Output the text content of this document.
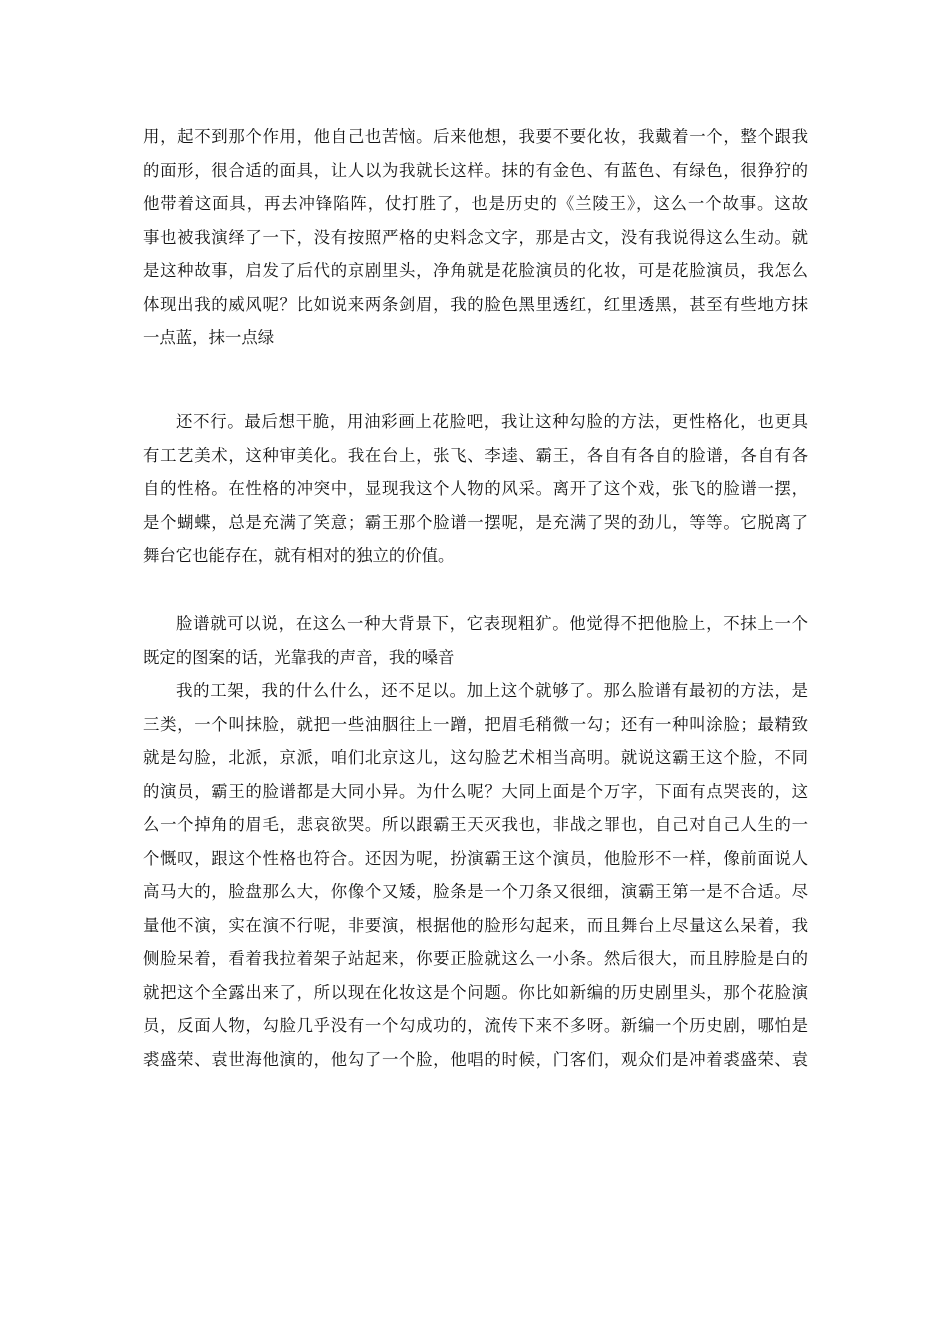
用，起不到那个作用，他自己也苦恼。后来他想，我要不要化妆，我戴着一个，整个跟我
的面形，很合适的面具，让人以为我就长这样。抹的有金色、有蓝色、有绿色，很狰狞的
他带着这面具，再去冲锋陷阵，仗打胜了，也是历史的《兰陵王》，这么一个故事。这故
事也被我演绎了一下，没有按照严格的史料念文字，那是古文，没有我说得这么生动。就
是这种故事，启发了后代的京剧里头，净角就是花脸演员的化妆，可是花脸演员，我怎么
体现出我的威风呢？比如说来两条剑眉，我的脸色黑里透红，红里透黑，甚至有些地方抹
一点蓝，抹一点绿
还不行。最后想干脆，用油彩画上花脸吧，我让这种勾脸的方法，更性格化，也更具
有工艺美术，这种审美化。我在台上，张飞、李逵、霸王，各自有各自的脸谱，各自有各
自的性格。在性格的冲突中，显现我这个人物的风采。离开了这个戏，张飞的脸谱一摆，
是个蝴蝶，总是充满了笑意；霸王那个脸谱一摆呢，是充满了哭的劲儿，等等。它脱离了
舞台它也能存在，就有相对的独立的价值。
脸谱就可以说，在这么一种大背景下，它表现粗犷。他觉得不把他脸上，不抹上一个
既定的图案的话，光靠我的声音，我的嗓音
我的工架，我的什么什么，还不足以。加上这个就够了。那么脸谱有最初的方法，是
三类，一个叫抹脸，就把一些油胭往上一蹭，把眉毛稍微一勾；还有一种叫涂脸；最精致
就是勾脸，北派，京派，咱们北京这儿，这勾脸艺术相当高明。就说这霸王这个脸，不同
的演员，霸王的脸谱都是大同小异。为什么呢？大同上面是个万字，下面有点哭丧的，这
么一个掉角的眉毛，悲哀欲哭。所以跟霸王天灭我也，非战之罪也，自己对自己人生的一
个慨叹，跟这个性格也符合。还因为呢，扮演霸王这个演员，他脸形不一样，像前面说人
高马大的，脸盘那么大，你像个又矮，脸条是一个刀条又很细，演霸王第一是不合适。尽
量他不演，实在演不行呢，非要演，根据他的脸形勾起来，而且舞台上尽量这么呆着，我
侧脸呆着，看着我拉着架子站起来，你要正脸就这么一小条。然后很大，而且脖脸是白的
就把这个全露出来了，所以现在化妆这是个问题。你比如新编的历史剧里头，那个花脸演
员，反面人物，勾脸几乎没有一个勾成功的，流传下来不多呀。新编一个历史剧，哪怕是
裘盛荣、袁世海他演的，他勾了一个脸，他唱的时候，门客们，观众们是冲着裘盛荣、袁
